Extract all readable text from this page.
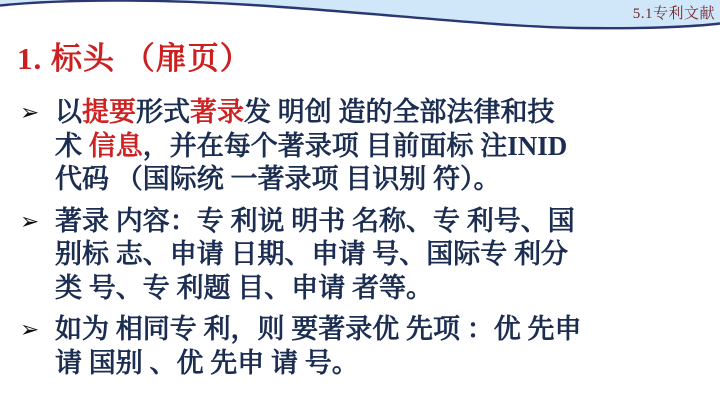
5.1专利文献
1. 标头 （扉页）
➢ 以提要形式著录发 明创 造的全部法律和技
术 信息，并在每个著录项 目前面标 注INID
代码 （国际统 一著录项 目识别 符）。
➢ 著录 内容：专 利说 明书 名称、专 利号、国
别标 志、申请 日期、申请 号、国际专 利分
类 号、专 利题 目、申请 者等。
➢ 如为 相同专 利，则 要著录优 先项 ：优 先申
请 国别 、优 先申 请 号。
